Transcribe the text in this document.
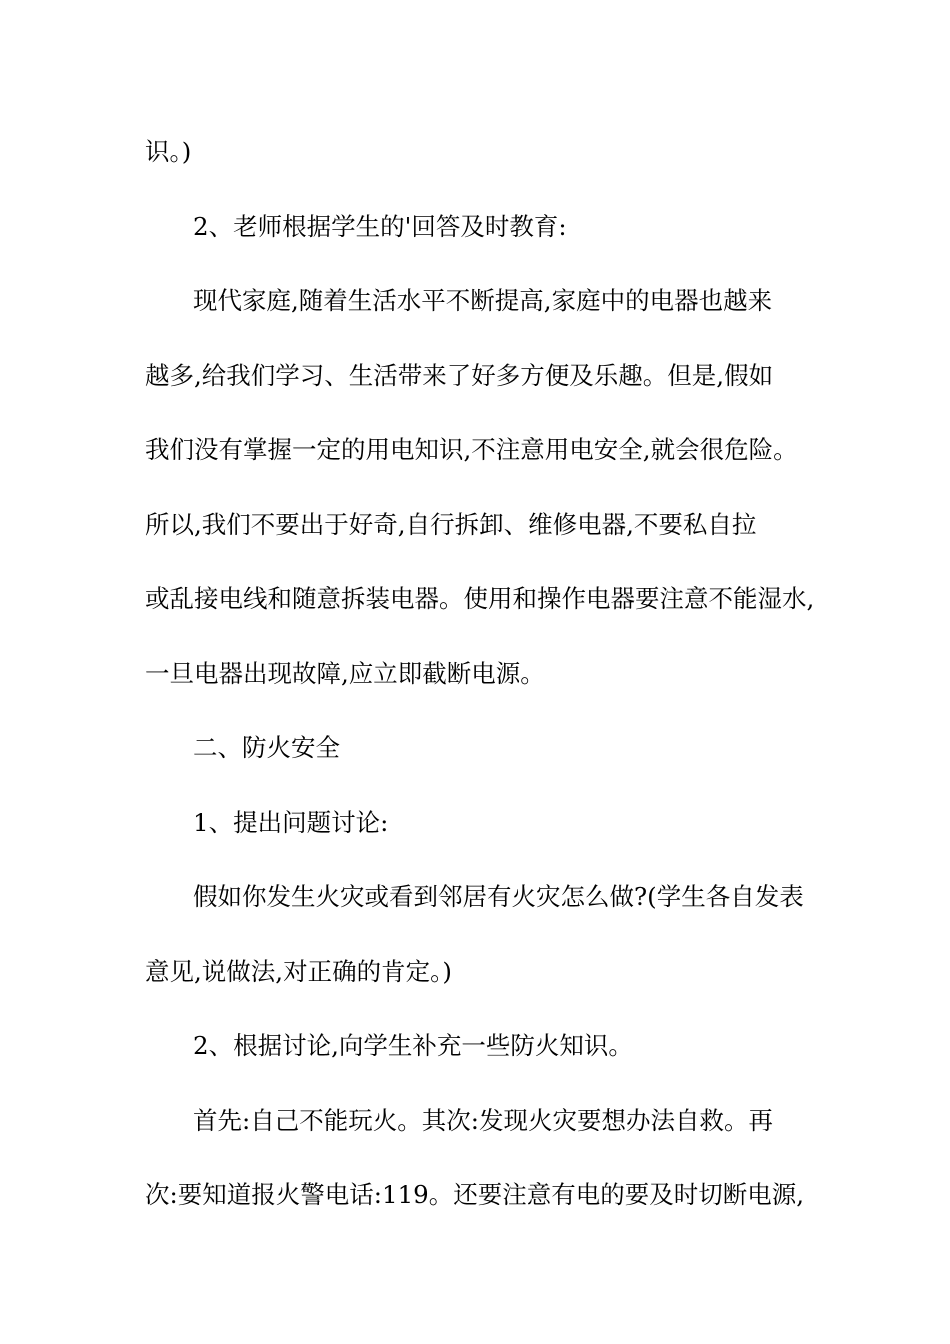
识。)
2、老师根据学生的'回答及时教育:
现代家庭,随着生活水平不断提高,家庭中的电器也越来
越多,给我们学习、生活带来了好多方便及乐趣。但是,假如
我们没有掌握一定的用电知识,不注意用电安全,就会很危险。
所以,我们不要出于好奇,自行拆卸、维修电器,不要私自拉
或乱接电线和随意拆装电器。使用和操作电器要注意不能湿水,
一旦电器出现故障,应立即截断电源。
二、防火安全
1、提出问题讨论:
假如你发生火灾或看到邻居有火灾怎么做?(学生各自发表
意见,说做法,对正确的肯定。)
2、根据讨论,向学生补充一些防火知识。
首先:自己不能玩火。其次:发现火灾要想办法自救。再
次:要知道报火警电话:119。还要注意有电的要及时切断电源,
